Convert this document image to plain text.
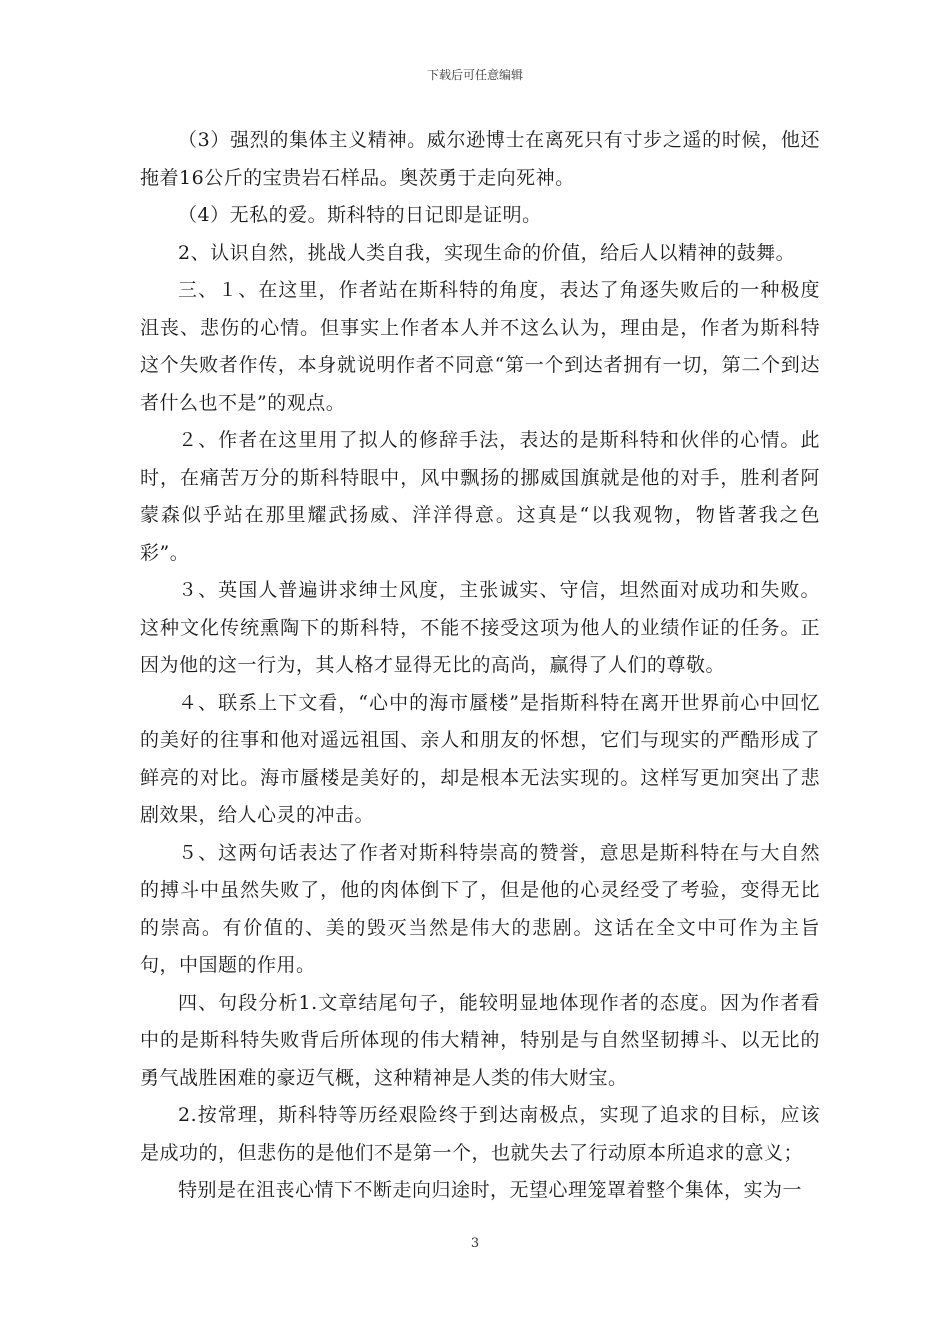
下载后可任意编辑

（3）强烈的集体主义精神。威尔逊博士在离死只有寸步之遥的时候，他还拖着16公斤的宝贵岩石样品。奥茨勇于走向死神。

（4）无私的爱。斯科特的日记即是证明。

2、认识自然，挑战人类自我，实现生命的价值，给后人以精神的鼓舞。

三、１、在这里，作者站在斯科特的角度，表达了角逐失败后的一种极度沮丧、悲伤的心情。但事实上作者本人并不这么认为，理由是，作者为斯科特这个失败者作传，本身就说明作者不同意“第一个到达者拥有一切，第二个到达者什么也不是”的观点。

２、作者在这里用了拟人的修辞手法，表达的是斯科特和伙伴的心情。此时，在痛苦万分的斯科特眼中，风中飘扬的挪威国旗就是他的对手，胜利者阿蒙森似乎站在那里耀武扬威、洋洋得意。这真是“以我观物，物皆著我之色彩”。

３、英国人普遍讲求绅士风度，主张诚实、守信，坦然面对成功和失败。这种文化传统熏陶下的斯科特，不能不接受这项为他人的业绩作证的任务。正因为他的这一行为，其人格才显得无比的高尚，赢得了人们的尊敬。

４、联系上下文看，“心中的海市蜃楼”是指斯科特在离开世界前心中回忆的美好的往事和他对遥远祖国、亲人和朋友的怀想，它们与现实的严酷形成了鲜亮的对比。海市蜃楼是美好的，却是根本无法实现的。这样写更加突出了悲剧效果，给人心灵的冲击。

５、这两句话表达了作者对斯科特崇高的赞誉，意思是斯科特在与大自然的搏斗中虽然失败了，他的肉体倒下了，但是他的心灵经受了考验，变得无比的崇高。有价值的、美的毁灭当然是伟大的悲剧。这话在全文中可作为主旨句，中国题的作用。

四、句段分析1.文章结尾句子，能较明显地体现作者的态度。因为作者看中的是斯科特失败背后所体现的伟大精神，特别是与自然坚韧搏斗、以无比的勇气战胜困难的豪迈气概，这种精神是人类的伟大财宝。

2.按常理，斯科特等历经艰险终于到达南极点，实现了追求的目标，应该是成功的，但悲伤的是他们不是第一个，也就失去了行动原本所追求的意义；

特别是在沮丧心情下不断走向归途时，无望心理笼罩着整个集体，实为一

3
